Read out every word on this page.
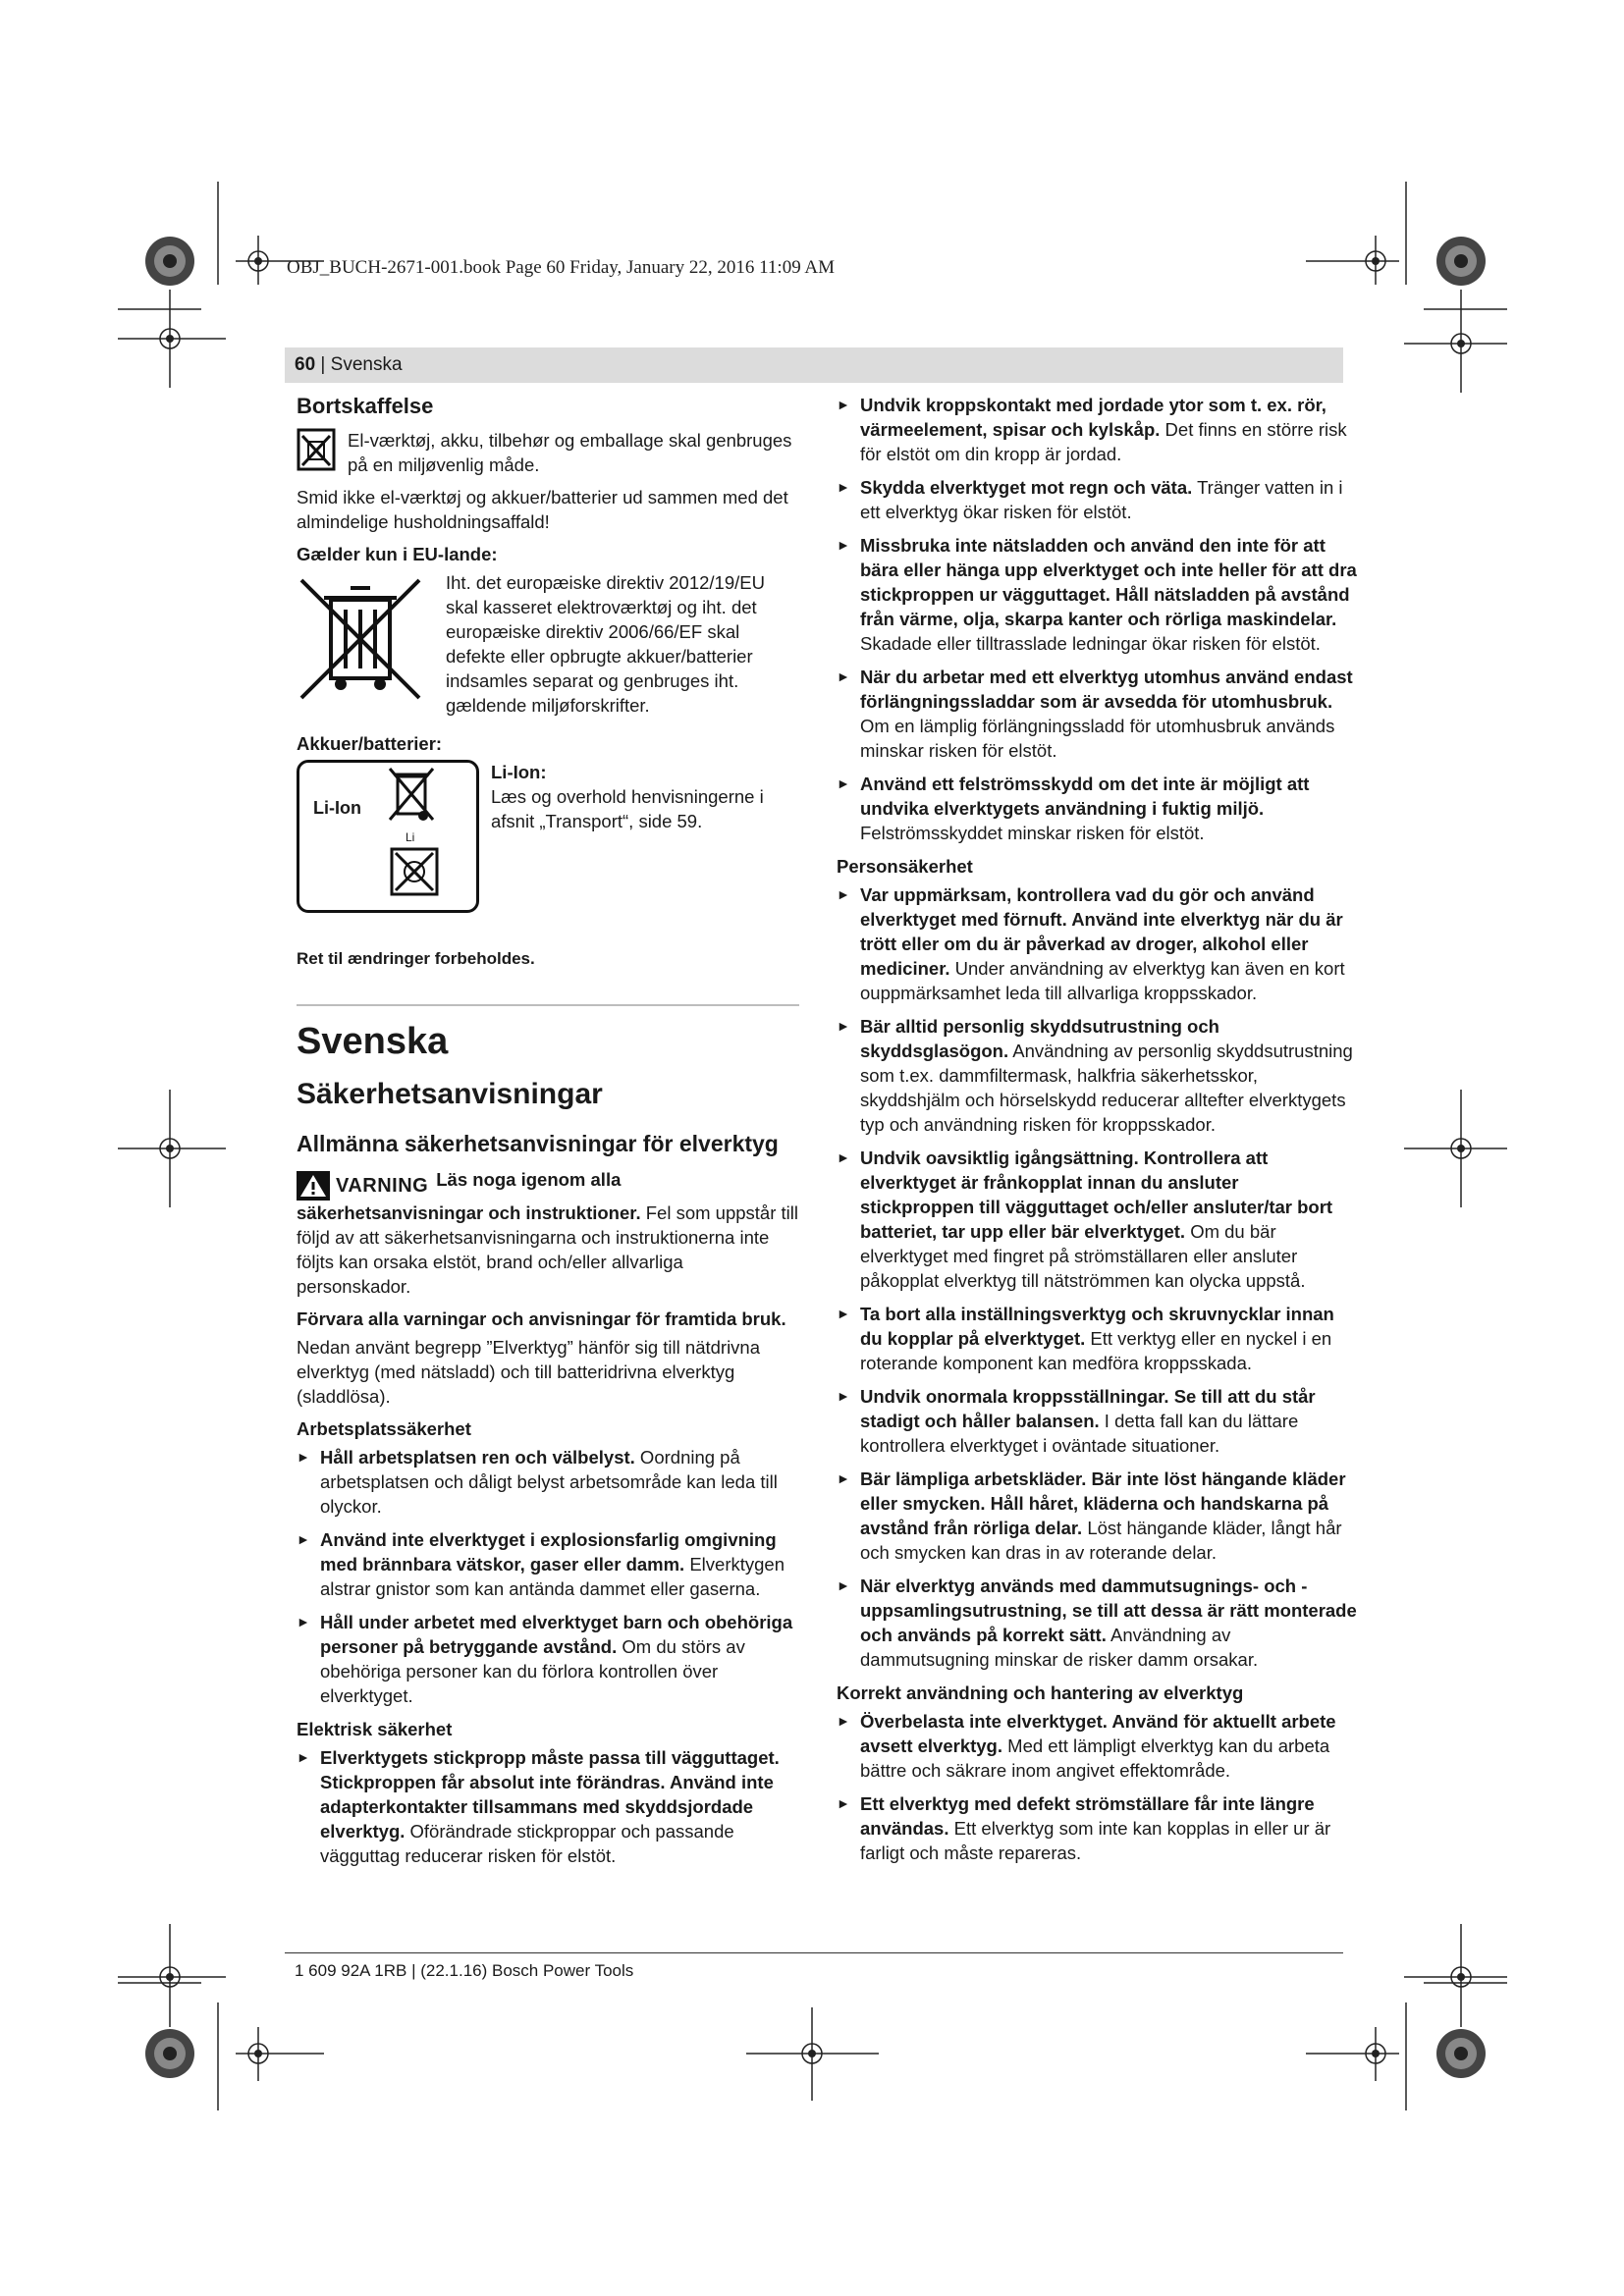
OBJ_BUCH-2671-001.book Page 60 Friday, January 22, 2016 11:09 AM
60 | Svenska
Bortskaffelse
El-værktøj, akku, tilbehør og emballage skal genbruges på en miljøvenlig måde.

Smid ikke el-værktøj og akkuer/batterier ud sammen med det almindelige husholdningsaffald!

Gælder kun i EU-lande:
Iht. det europæiske direktiv 2012/19/EU skal kasseret elektroværktøj og iht. det europæiske direktiv 2006/66/EF skal defekte eller opbrugte akkuer/batterier indsamles separat og genbruges iht. gældende miljøforskrifter.
Akkuer/batterier:
Li-Ion
Li
Li-Ion:
Læs og overhold henvisningerne i afsnit „Transport“, side 59.
Ret til ændringer forbeholdes.
Svenska
Säkerhetsanvisningar
Allmänna säkerhetsanvisningar för elverktyg
VARNING Läs noga igenom alla säkerhetsanvisningar och instruktioner. Fel som uppstår till följd av att säkerhetsanvisningarna och instruktionerna inte följts kan orsaka elstöt, brand och/eller allvarliga personskador.
Förvara alla varningar och anvisningar för framtida bruk.

Nedan använt begrepp ”Elverktyg” hänför sig till nätdrivna elverktyg (med nätsladd) och till batteridrivna elverktyg (sladdlösa).

Arbetsplatssäkerhet
► Håll arbetsplatsen ren och välbelyst. Oordning på arbetsplatsen och dåligt belyst arbetsområde kan leda till olyckor.
► Använd inte elverktyget i explosionsfarlig omgivning med brännbara vätskor, gaser eller damm. Elverktygen alstrar gnistor som kan antända dammet eller gaserna.
► Håll under arbetet med elverktyget barn och obehöriga personer på betryggande avstånd. Om du störs av obehöriga personer kan du förlora kontrollen över elverktyget.
Elektrisk säkerhet
► Elverktygets stickpropp måste passa till vägguttaget. Stickproppen får absolut inte förändras. Använd inte adapterkontakter tillsammans med skyddsjordade elverktyg. Oförändrade stickproppar och passande vägguttag reducerar risken för elstöt.
► Undvik kroppskontakt med jordade ytor som t. ex. rör, värmeelement, spisar och kylskåp. Det finns en större risk för elstöt om din kropp är jordad.
► Skydda elverktyget mot regn och väta. Tränger vatten in i ett elverktyg ökar risken för elstöt.
► Missbruka inte nätsladden och använd den inte för att bära eller hänga upp elverktyget och inte heller för att dra stickproppen ur vägguttaget. Håll nätsladden på avstånd från värme, olja, skarpa kanter och rörliga maskindelar. Skadade eller tilltrasslade ledningar ökar risken för elstöt.
► När du arbetar med ett elverktyg utomhus använd endast förlängningssladdar som är avsedda för utomhusbruk. Om en lämplig förlängningssladd för utomhusbruk används minskar risken för elstöt.
► Använd ett felströmsskydd om det inte är möjligt att undvika elverktygets användning i fuktig miljö. Felströmsskyddet minskar risken för elstöt.
Personsäkerhet
► Var uppmärksam, kontrollera vad du gör och använd elverktyget med förnuft. Använd inte elverktyg när du är trött eller om du är påverkad av droger, alkohol eller mediciner. Under användning av elverktyg kan även en kort ouppmärksamhet leda till allvarliga kroppsskador.
► Bär alltid personlig skyddsutrustning och skyddsglasögon. Användning av personlig skyddsutrustning som t.ex. dammfiltermask, halkfria säkerhetsskor, skyddshjälm och hörselskydd reducerar alltefter elverktygets typ och användning risken för kroppsskador.
► Undvik oavsiktlig igångsättning. Kontrollera att elverktyget är frånkopplat innan du ansluter stickproppen till vägguttaget och/eller ansluter/tar bort batteriet, tar upp eller bär elverktyget. Om du bär elverktyget med fingret på strömställaren eller ansluter påkopplat elverktyg till nätströmmen kan olycka uppstå.
► Ta bort alla inställningsverktyg och skruvnycklar innan du kopplar på elverktyget. Ett verktyg eller en nyckel i en roterande komponent kan medföra kroppsskada.
► Undvik onormala kroppsställningar. Se till att du står stadigt och håller balansen. I detta fall kan du lättare kontrollera elverktyget i oväntade situationer.
► Bär lämpliga arbetskläder. Bär inte löst hängande kläder eller smycken. Håll håret, kläderna och handskarna på avstånd från rörliga delar. Löst hängande kläder, långt hår och smycken kan dras in av roterande delar.
► När elverktyg används med dammutsugnings- och -uppsamlingsutrustning, se till att dessa är rätt monterade och används på korrekt sätt. Användning av dammutsugning minskar de risker damm orsakar.
Korrekt användning och hantering av elverktyg
► Överbelasta inte elverktyget. Använd för aktuellt arbete avsett elverktyg. Med ett lämpligt elverktyg kan du arbeta bättre och säkrare inom angivet effektområde.
► Ett elverktyg med defekt strömställare får inte längre användas. Ett elverktyg som inte kan kopplas in eller ur är farligt och måste repareras.
1 609 92A 1RB | (22.1.16) Bosch Power Tools
